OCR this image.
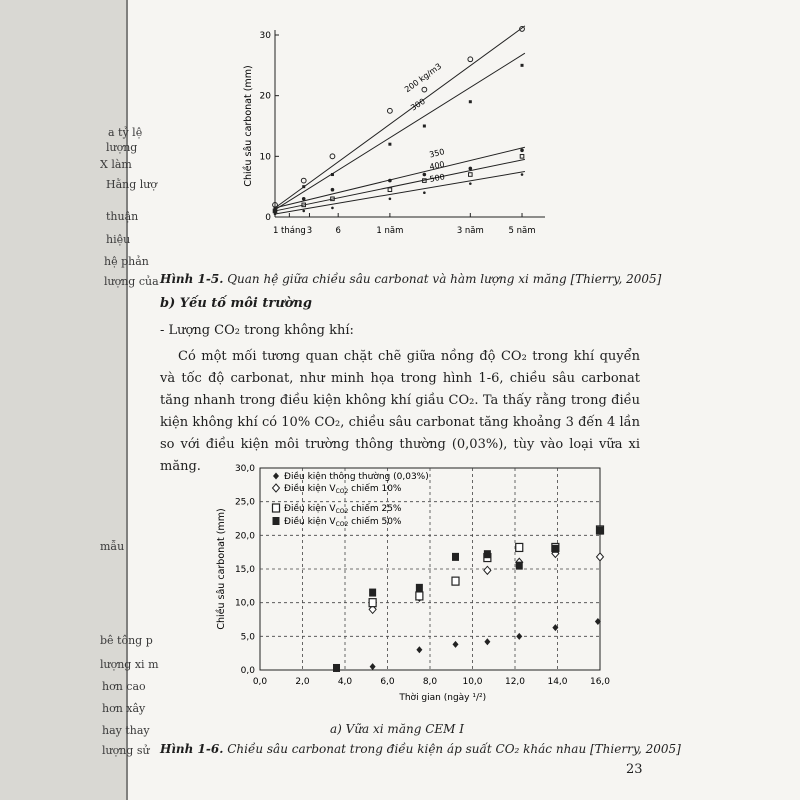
a tỷ lệ
lượng
X làm
Hằng lượ
thuận
hiệu
hệ phản
lượng của
mẫu
bê tông p
lượng xi m
hơn cao
hơn xây
hay thay
lượng sử
0
10
20
30
1 tháng 3	6	1 năm	3 năm	5 năm
Chiều sâu carbonat (mm)	200 kg/m3
300
350
400
500
Hình 1-5. Quan hệ giữa chiều sâu carbonat và hàm lượng xi măng [Thierry, 2005]
b) Yếu tố môi trường
- Lượng CO₂ trong không khí:
Có một mối tương quan chặt chẽ giữa nồng độ CO₂ trong khí quyển và tốc độ carbonat, như minh họa trong hình 1-6, chiều sâu carbonat tăng nhanh trong điều kiện không khí giầu CO₂. Ta thấy rằng trong điều kiện không khí có 10% CO₂, chiều sâu carbonat tăng khoảng 3 đến 4 lần so với điều kiện môi trường thông thường (0,03%), tùy vào loại vữa xi măng.
0,0	2,0	4,0	6,0	8,0	10,0 12,0 14,0 16,0
0,0
5,0
10,0
15,0
20,0
25,0
30,0
Thời gian (ngày ¹/²)
Chiều sâu carbonat (mm)
Điều kiện thông thường (0,03%)
Điều kiện $V_{CO2}$ chiếm 10%
Điều kiện $V_{CO2}$ chiếm 25%
Điều kiện $V_{CO2}$ chiếm 50%
a) Vữa xi măng CEM I
Hình 1-6. Chiều sâu carbonat trong điều kiện áp suất CO₂ khác nhau [Thierry, 2005]
23
